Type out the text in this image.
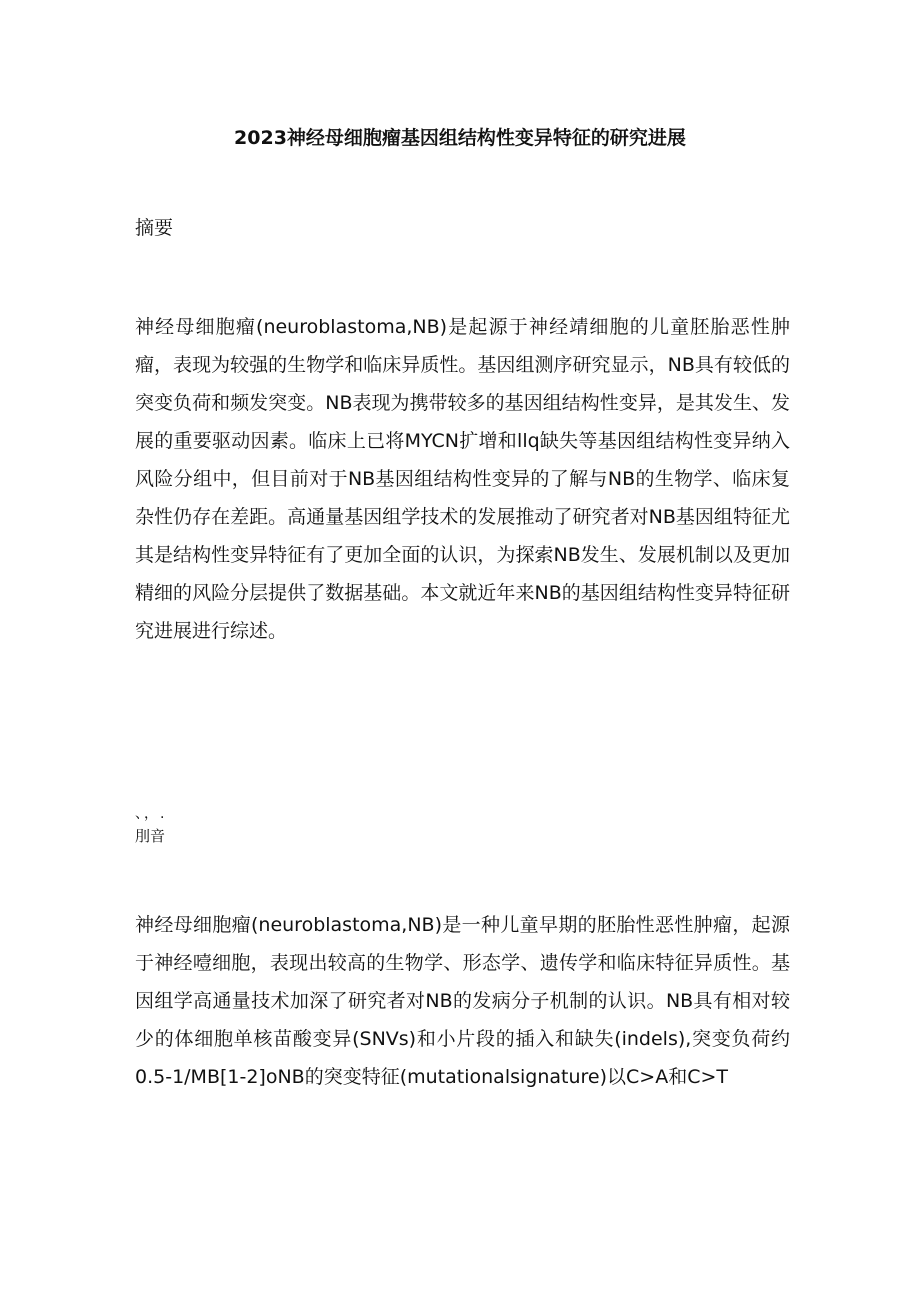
2023神经母细胞瘤基因组结构性变异特征的研究进展
摘要

神经母细胞瘤(neuroblastoma,NB)是起源于神经靖细胞的儿童胚胎恶性肿瘤，表现为较强的生物学和临床异质性。基因组测序研究显示，NB具有较低的突变负荷和频发突变。NB表现为携带较多的基因组结构性变异，是其发生、发展的重要驱动因素。临床上已将MYCN扩增和llq缺失等基因组结构性变异纳入风险分组中，但目前对于NB基因组结构性变异的了解与NB的生物学、临床复杂性仍存在差距。高通量基因组学技术的发展推动了研究者对NB基因组特征尤其是结构性变异特征有了更加全面的认识，为探索NB发生、发展机制以及更加精细的风险分层提供了数据基础。本文就近年来NB的基因组结构性变异特征研究进展进行综述。

、，.
刖音

神经母细胞瘤(neuroblastoma,NB)是一种儿童早期的胚胎性恶性肿瘤，起源于神经噎细胞，表现出较高的生物学、形态学、遗传学和临床特征异质性。基因组学高通量技术加深了研究者对NB的发病分子机制的认识。NB具有相对较少的体细胞单核苗酸变异(SNVs)和小片段的插入和缺失(indels),突变负荷约0.5-1∕MB[1-2]oNB的突变特征(mutationalsignature)以C>A和C>T
